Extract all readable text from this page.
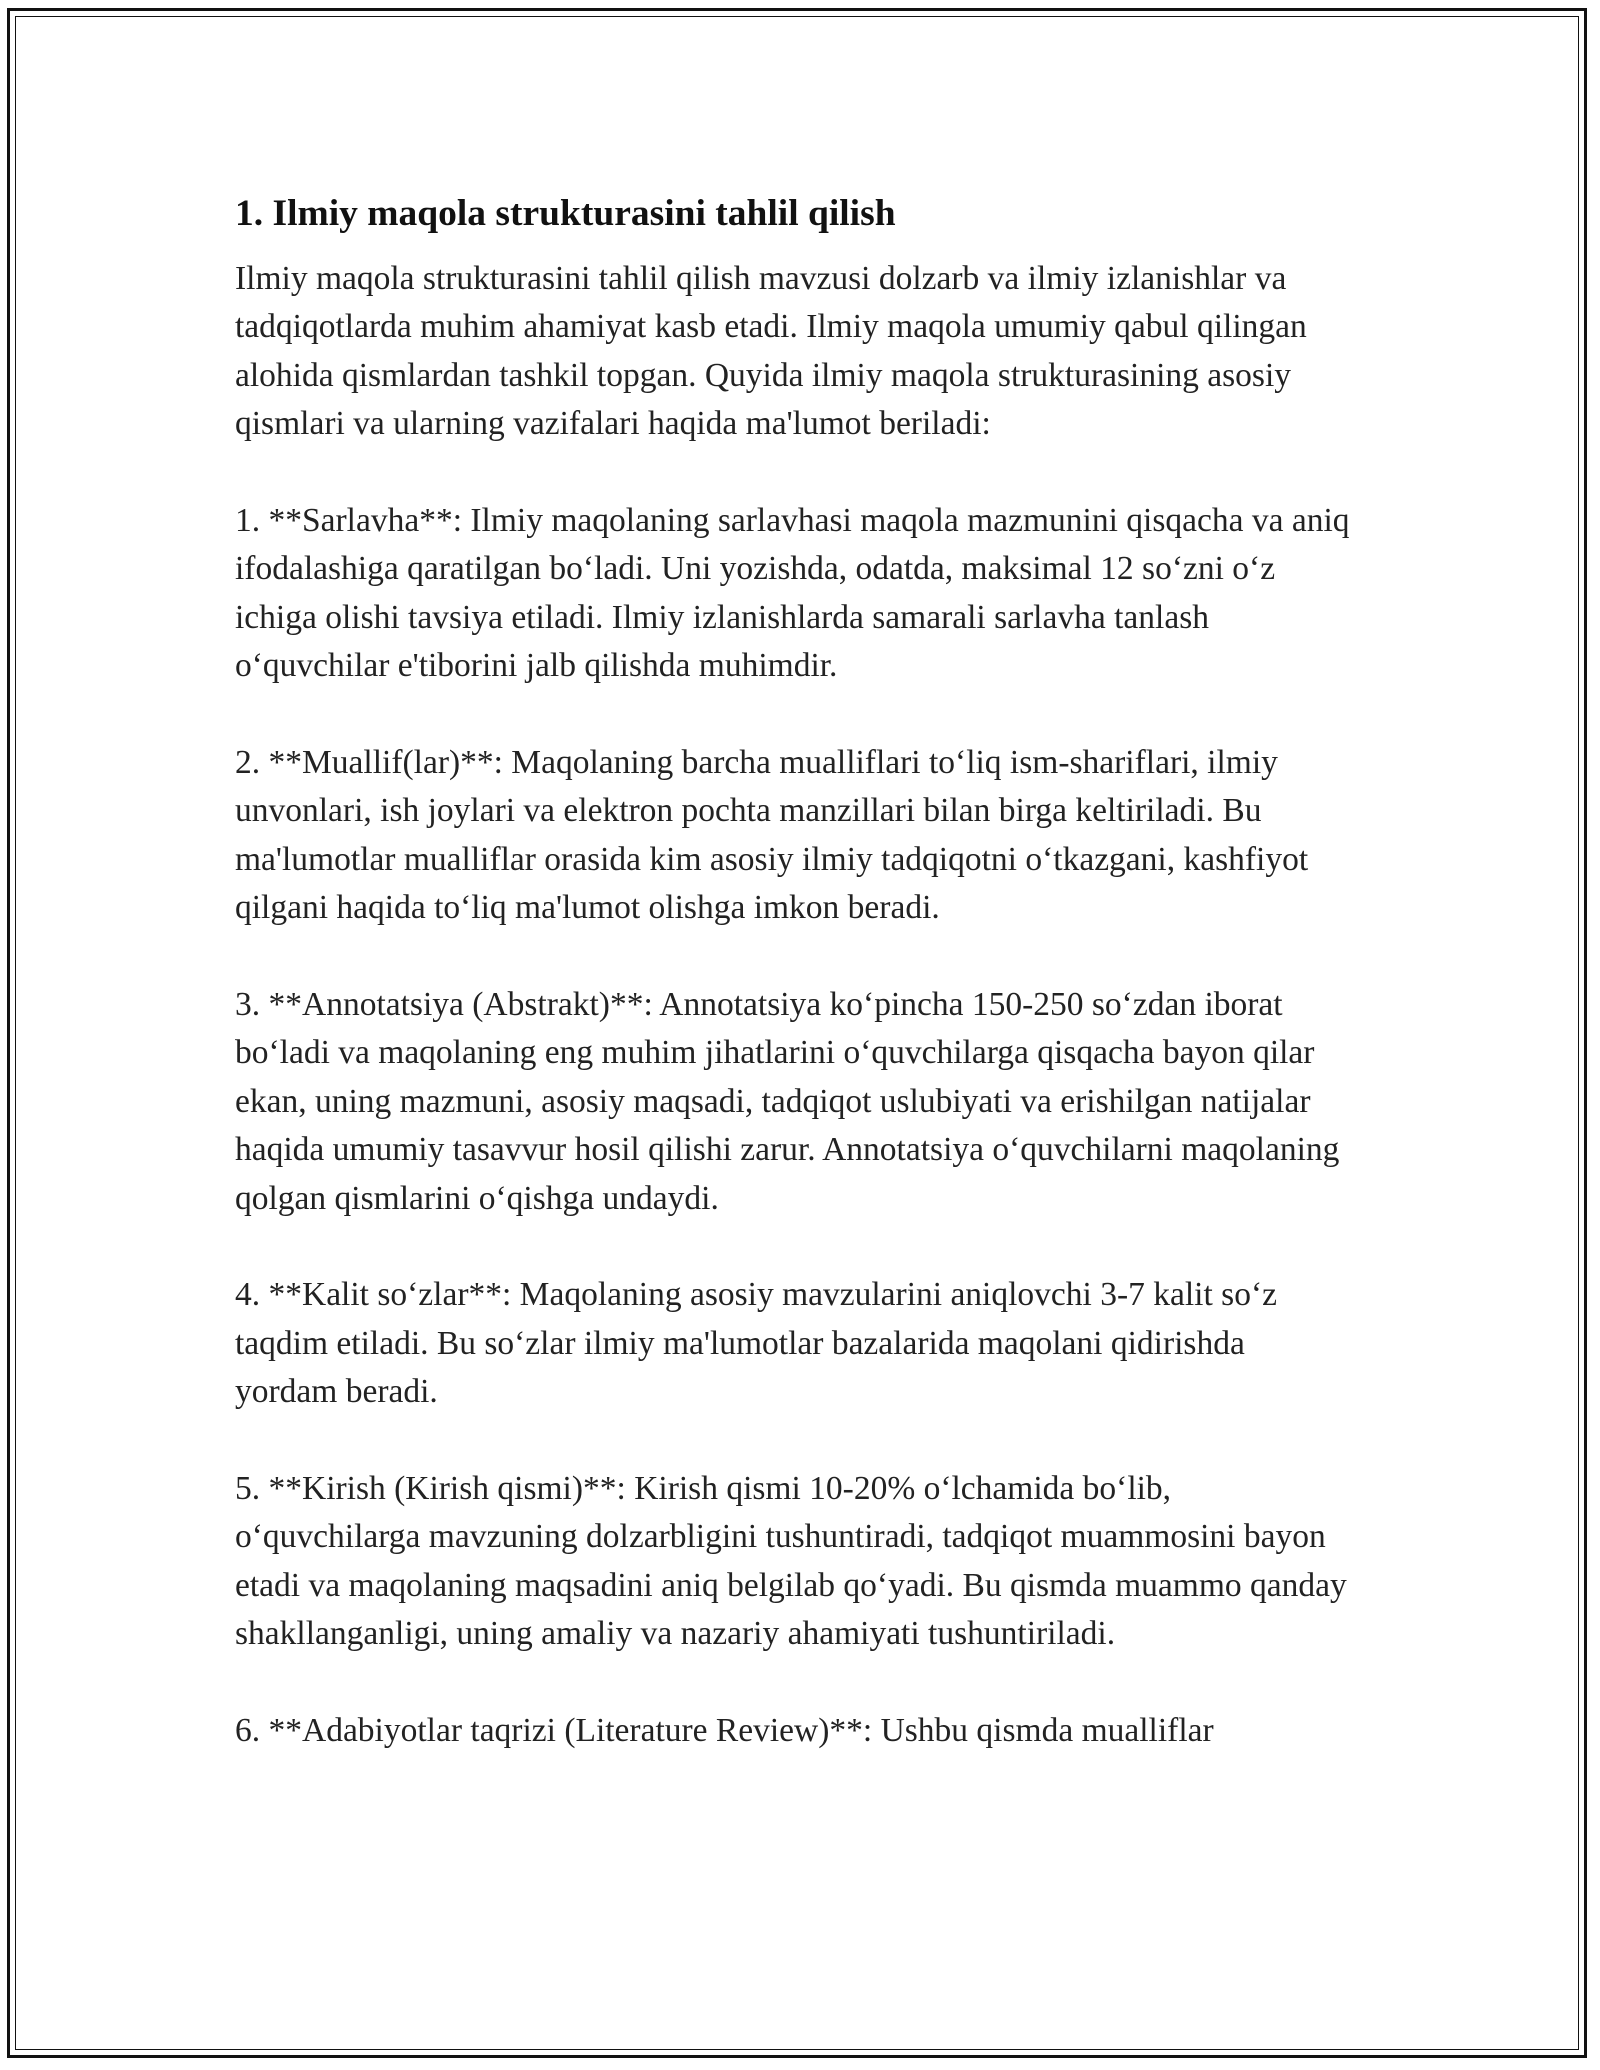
1. Ilmiy maqola strukturasini tahlil qilish

Ilmiy maqola strukturasini tahlil qilish mavzusi dolzarb va ilmiy izlanishlar va tadqiqotlarda muhim ahamiyat kasb etadi. Ilmiy maqola umumiy qabul qilingan alohida qismlardan tashkil topgan. Quyida ilmiy maqola strukturasining asosiy qismlari va ularning vazifalari haqida ma'lumot beriladi:

1. **Sarlavha**: Ilmiy maqolaning sarlavhasi maqola mazmunini qisqacha va aniq ifodalashiga qaratilgan bo‘ladi. Uni yozishda, odatda, maksimal 12 so‘zni o‘z ichiga olishi tavsiya etiladi. Ilmiy izlanishlarda samarali sarlavha tanlash o‘quvchilar e'tiborini jalb qilishda muhimdir.

2. **Muallif(lar)**: Maqolaning barcha mualliflari to‘liq ism-shariflari, ilmiy unvonlari, ish joylari va elektron pochta manzillari bilan birga keltiriladi. Bu ma'lumotlar mualliflar orasida kim asosiy ilmiy tadqiqotni o‘tkazgani, kashfiyot qilgani haqida to‘liq ma'lumot olishga imkon beradi.

3. **Annotatsiya (Abstrakt)**: Annotatsiya ko‘pincha 150-250 so‘zdan iborat bo‘ladi va maqolaning eng muhim jihatlarini o‘quvchilarga qisqacha bayon qilar ekan, uning mazmuni, asosiy maqsadi, tadqiqot uslubiyati va erishilgan natijalar haqida umumiy tasavvur hosil qilishi zarur. Annotatsiya o‘quvchilarni maqolaning qolgan qismlarini o‘qishga undaydi.

4. **Kalit so‘zlar**: Maqolaning asosiy mavzularini aniqlovchi 3-7 kalit so‘z taqdim etiladi. Bu so‘zlar ilmiy ma'lumotlar bazalarida maqolani qidirishda yordam beradi.

5. **Kirish (Kirish qismi)**: Kirish qismi 10-20% o‘lchamida bo‘lib, o‘quvchilarga mavzuning dolzarbligini tushuntiradi, tadqiqot muammosini bayon etadi va maqolaning maqsadini aniq belgilab qo‘yadi. Bu qismda muammo qanday shakllanganligi, uning amaliy va nazariy ahamiyati tushuntiriladi.

6. **Adabiyotlar taqrizi (Literature Review)**: Ushbu qismda mualliflar
